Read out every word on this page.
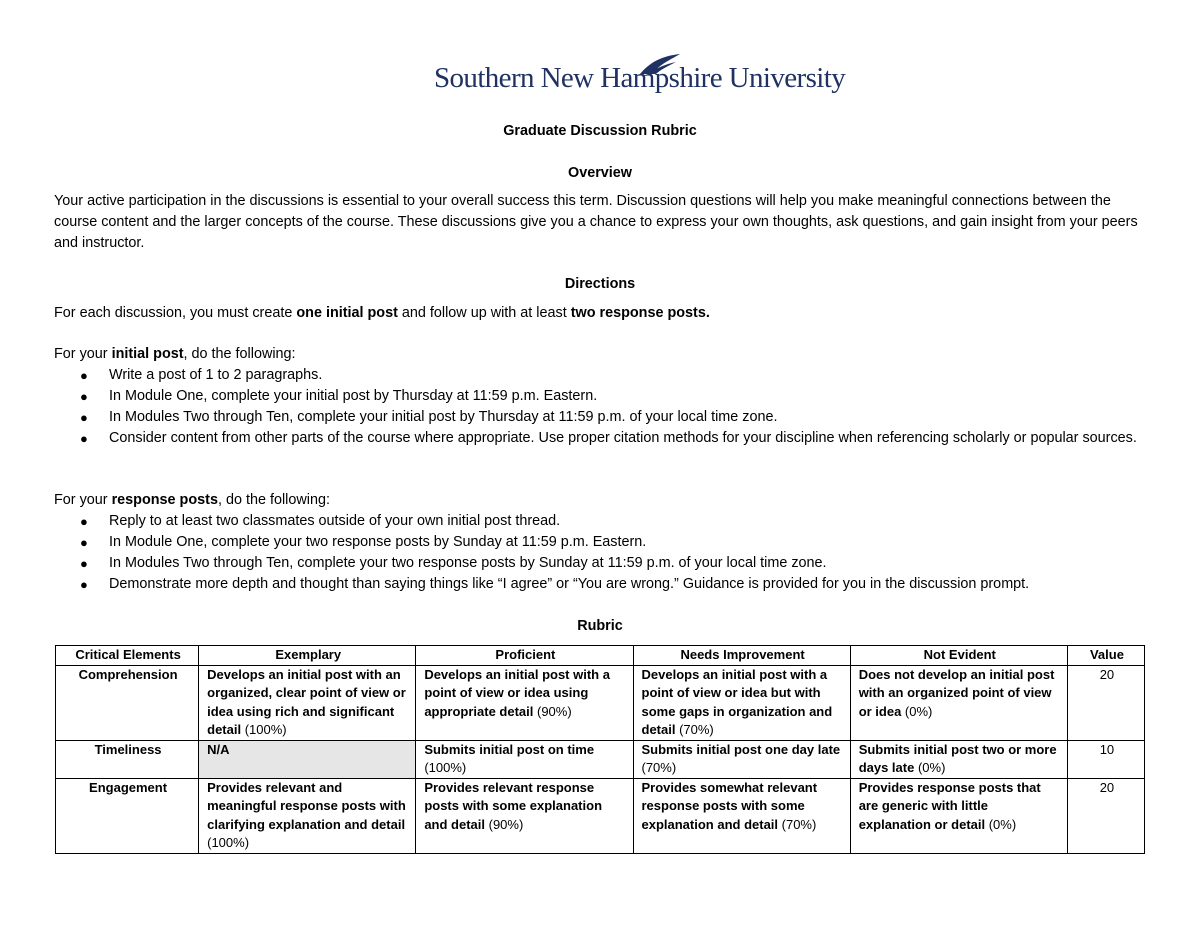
Southern New Hampshire University
Graduate Discussion Rubric
Overview

Your active participation in the discussions is essential to your overall success this term. Discussion questions will help you make meaningful connections between the course content and the larger concepts of the course. These discussions give you a chance to express your own thoughts, ask questions, and gain insight from your peers and instructor.

Directions

For each discussion, you must create one initial post and follow up with at least two response posts.

For your initial post, do the following:

● Write a post of 1 to 2 paragraphs.
● In Module One, complete your initial post by Thursday at 11:59 p.m. Eastern.
● In Modules Two through Ten, complete your initial post by Thursday at 11:59 p.m. of your local time zone.
● Consider content from other parts of the course where appropriate. Use proper citation methods for your discipline when referencing scholarly or popular sources.

For your response posts, do the following:

● Reply to at least two classmates outside of your own initial post thread.
● In Module One, complete your two response posts by Sunday at 11:59 p.m. Eastern.
● In Modules Two through Ten, complete your two response posts by Sunday at 11:59 p.m. of your local time zone.
● Demonstrate more depth and thought than saying things like “I agree” or “You are wrong.” Guidance is provided for you in the discussion prompt.
Rubric
Critical Elements	Exemplary	Proficient	Needs Improvement	Not Evident	Value
Comprehension	Develops an initial post with an organized, clear point of view or idea using rich and significant detail (100%)	Develops an initial post with a point of view or idea using appropriate detail (90%)	Develops an initial post with a point of view or idea but with some gaps in organization and detail (70%)	Does not develop an initial post with an organized point of view or idea (0%)	20
Timeliness	N/A	Submits initial post on time (100%)	Submits initial post one day late (70%)	Submits initial post two or more days late (0%)	10
Engagement	Provides relevant and meaningful response posts with clarifying explanation and detail (100%)	Provides relevant response posts with some explanation and detail (90%)	Provides somewhat relevant response posts with some explanation and detail (70%)	Provides response posts that are generic with little explanation or detail (0%)	20
